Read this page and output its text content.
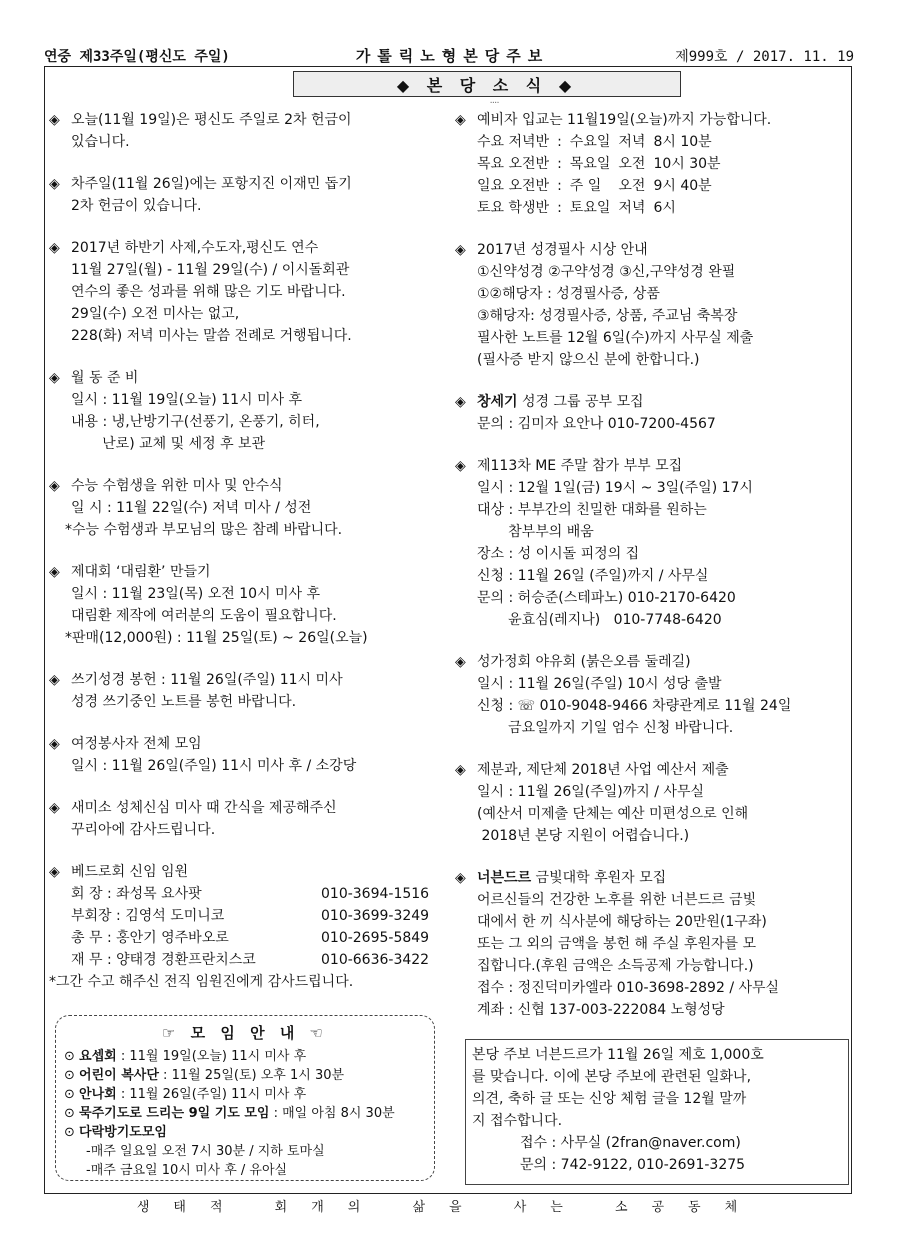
연중 제33주일(평신도 주일)	가톨릭노형본당주보	제999호 / 2017. 11. 19
◆ 본 당 소 식 ◆
....
◈ 오늘(11월 19일)은 평신도 주일로 2차 헌금이
있습니다.
◈ 차주일(11월 26일)에는 포항지진 이재민 돕기
2차 헌금이 있습니다.
◈ 2017년 하반기 사제,수도자,평신도 연수
11월 27일(월) - 11월 29일(수) / 이시돌회관
연수의 좋은 성과를 위해 많은 기도 바랍니다.
29일(수) 오전 미사는 없고,
228(화) 저녁 미사는 말씀 전례로 거행됩니다.
◈ 월 동 준 비
일시 : 11월 19일(오늘) 11시 미사 후
내용 : 냉,난방기구(선풍기, 온풍기, 히터,
난로) 교체 및 세정 후 보관
◈ 수능 수험생을 위한 미사 및 안수식
일 시 : 11월 22일(수) 저녁 미사 / 성전
*수능 수험생과 부모님의 많은 참례 바랍니다.
◈ 제대회 ‘대림환’ 만들기
일시 : 11월 23일(목) 오전 10시 미사 후
대림환 제작에 여러분의 도움이 필요합니다.
*판매(12,000원) : 11월 25일(토) ~ 26일(오늘)
◈ 쓰기성경 봉헌 : 11월 26일(주일) 11시 미사
성경 쓰기중인 노트를 봉헌 바랍니다.
◈ 여정봉사자 전체 모임
일시 : 11월 26일(주일) 11시 미사 후 / 소강당
◈ 새미소 성체신심 미사 때 간식을 제공해주신
꾸리아에 감사드립니다.
◈ 베드로회 신임 임원
회 장 : 좌성목 요사팟	010-3694-1516
부회장 : 김영석 도미니코	010-3699-3249
총 무 : 홍안기 영주바오로	010-2695-5849
재 무 : 양태경 경환프란치스코	010-6636-3422
*그간 수고 해주신 전직 임원진에게 감사드립니다.
☞ 모 임 안 내 ☜
⊙ 요셉회 : 11월 19일(오늘) 11시 미사 후
⊙ 어린이 복사단 : 11월 25일(토) 오후 1시 30분
⊙ 안나회 : 11월 26일(주일) 11시 미사 후
⊙ 묵주기도로 드리는 9일 기도 모임 : 매일 아침 8시 30분
⊙ 다락방기도모임
-매주 일요일 오전 7시 30분 / 지하 토마실
-매주 금요일 10시 미사 후 / 유아실
◈ 예비자 입교는 11월19일(오늘)까지 가능합니다.
수요 저녁반	:	수요일	저녁	8시 10분
목요 오전반	:	목요일	오전	10시 30분
일요 오전반	:	주 일	오전	9시 40분
토요 학생반	:	토요일	저녁	6시
◈ 2017년 성경필사 시상 안내
①신약성경 ②구약성경 ③신,구약성경 완필
①②해당자 : 성경필사증, 상품
③해당자: 성경필사증, 상품, 주교님 축복장
필사한 노트를 12월 6일(수)까지 사무실 제출
(필사증 받지 않으신 분에 한합니다.)
◈ 창세기 성경 그룹 공부 모집
문의 : 김미자 요안나 010-7200-4567
◈ 제113차 ME 주말 참가 부부 모집
일시 : 12월 1일(금) 19시 ~ 3일(주일) 17시
대상 : 부부간의 친밀한 대화를 원하는
참부부의 배움
장소 : 성 이시돌 피정의 집
신청 : 11월 26일 (주일)까지 / 사무실
문의 : 허승준(스테파노) 010-2170-6420
윤효심(레지나)   010-7748-6420
◈ 성가정회 야유회 (붉은오름 둘레길)
일시 : 11월 26일(주일) 10시 성당 출발
신청 : ☏ 010-9048-9466 차량관계로 11월 24일
금요일까지 기일 엄수 신청 바랍니다.
◈ 제분과, 제단체 2018년 사업 예산서 제출
일시 : 11월 26일(주일)까지 / 사무실
(예산서 미제출 단체는 예산 미편성으로 인해
2018년 본당 지원이 어렵습니다.)
◈ 너븐드르 금빛대학 후원자 모집
어르신들의 건강한 노후를 위한 너븐드르 금빛
대에서 한 끼 식사분에 해당하는 20만원(1구좌)
또는 그 외의 금액을 봉헌 해 주실 후원자를 모
집합니다.(후원 금액은 소득공제 가능합니다.)
접수 : 정진덕미카엘라 010-3698-2892 / 사무실
계좌 : 신협 137-003-222084 노형성당
본당 주보 너븐드르가 11월 26일 제호 1,000호
를 맞습니다. 이에 본당 주보에 관련된 일화나,
의견, 축하 글 또는 신앙 체험 글을 12월 말까
지 접수합니다.
접수 : 사무실 (2fran@naver.com)
문의 : 742-9122, 010-2691-3275
생태적 회개의 삶을 사는 소공동체
